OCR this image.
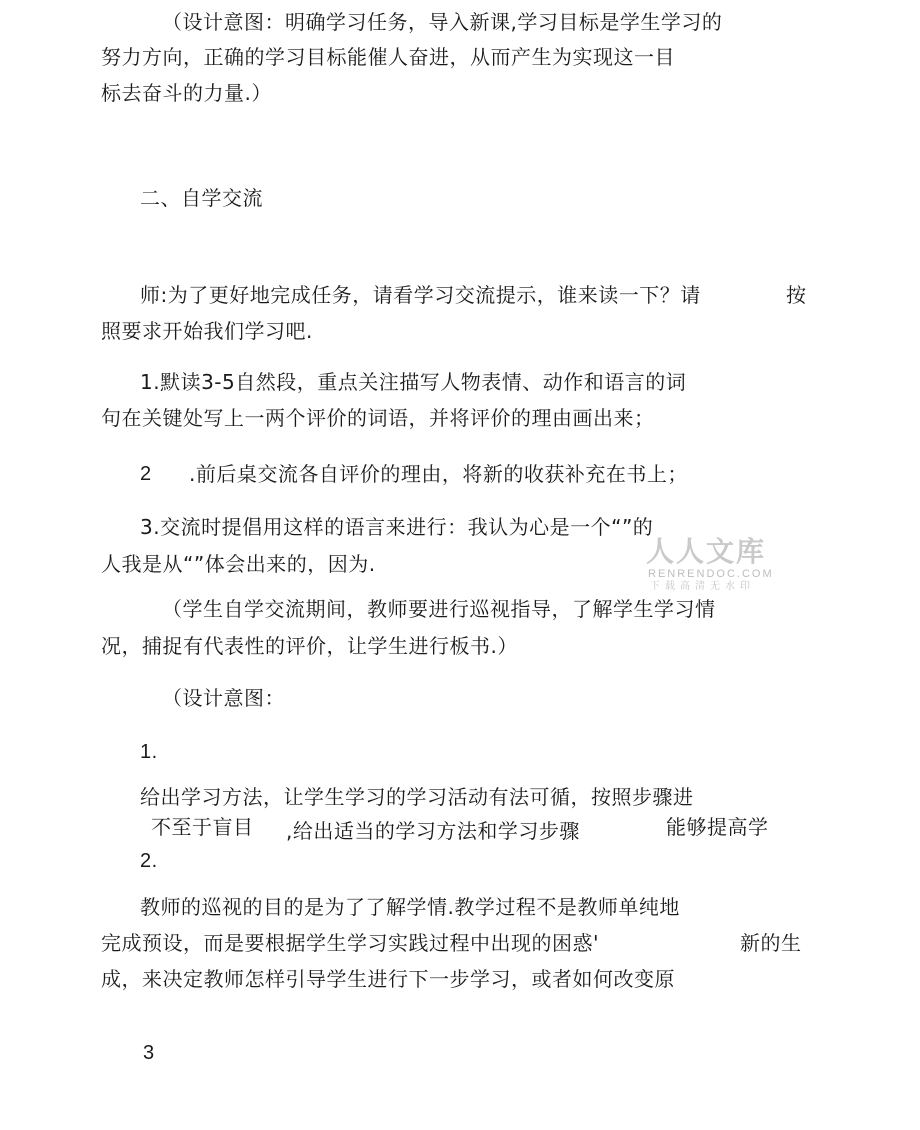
（设计意图：明确学习任务，导入新课,学习目标是学生学习的
努力方向，正确的学习目标能催人奋进，从而产生为实现这一目
标去奋斗的力量.）
二、自学交流
师:为了更好地完成任务，请看学习交流提示，谁来读一下？请	按
照要求开始我们学习吧.
1.默读3-5自然段，重点关注描写人物表情、动作和语言的词
句在关键处写上一两个评价的词语，并将评价的理由画出来；
2 .前后桌交流各自评价的理由，将新的收获补充在书上；
3.交流时提倡用这样的语言来进行：我认为心是一个“”的
人我是从“”体会出来的，因为.
（学生自学交流期间，教师要进行巡视指导，了解学生学习情
况，捕捉有代表性的评价，让学生进行板书.）
（设计意图：
1.
给出学习方法，让学生学习的学习活动有法可循，按照步骤进
不至于盲目 ,给出适当的学习方法和学习步骤	能够提高学
2.
教师的巡视的目的是为了了解学情.教学过程不是教师单纯地
完成预设，而是要根据学生学习实践过程中出现的困惑'	新的生
成，来决定教师怎样引导学生进行下一步学习，或者如何改变原
3
人人文库
RENRENDOC.COM
下载高清无水印
